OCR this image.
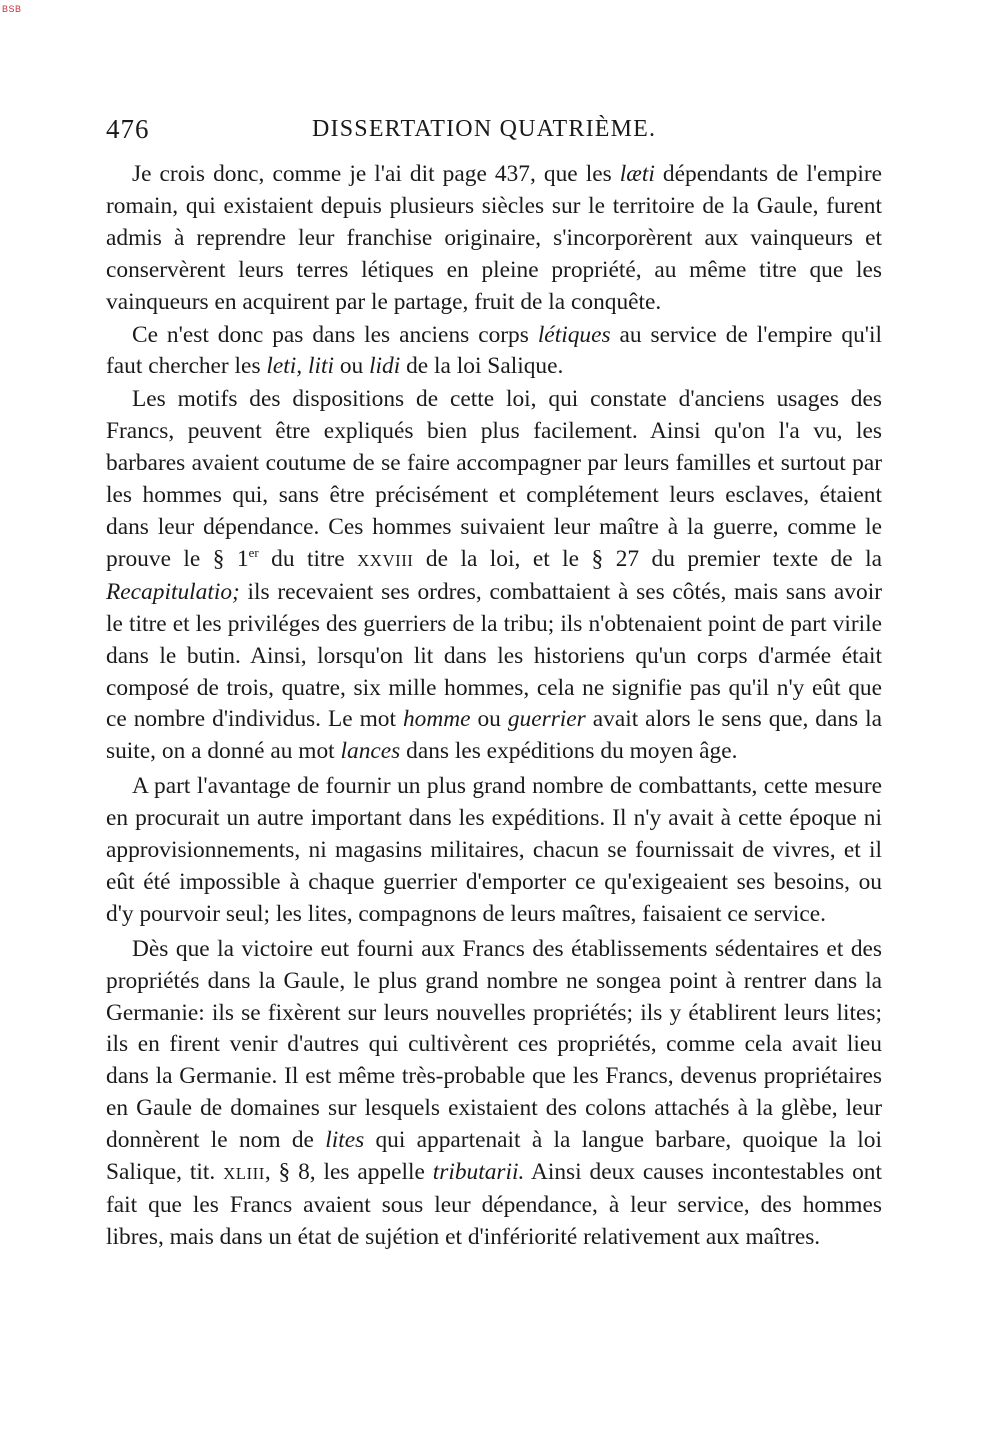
BSB
476	DISSERTATION QUATRIÈME.

Je crois donc, comme je l'ai dit page 437, que les læti dépendants de l'empire romain, qui existaient depuis plusieurs siècles sur le territoire de la Gaule, furent admis à reprendre leur franchise originaire, s'incorporèrent aux vainqueurs et conservèrent leurs terres létiques en pleine propriété, au même titre que les vainqueurs en acquirent par le partage, fruit de la conquête.

Ce n'est donc pas dans les anciens corps létiques au service de l'empire qu'il faut chercher les leti, liti ou lidi de la loi Salique.

Les motifs des dispositions de cette loi, qui constate d'anciens usages des Francs, peuvent être expliqués bien plus facilement. Ainsi qu'on l'a vu, les barbares avaient coutume de se faire accompagner par leurs familles et surtout par les hommes qui, sans être précisément et complétement leurs esclaves, étaient dans leur dépendance. Ces hommes suivaient leur maître à la guerre, comme le prouve le § 1er du titre XXVIII de la loi, et le § 27 du premier texte de la Recapitulatio; ils recevaient ses ordres, combattaient à ses côtés, mais sans avoir le titre et les priviléges des guerriers de la tribu; ils n'obtenaient point de part virile dans le butin. Ainsi, lorsqu'on lit dans les historiens qu'un corps d'armée était composé de trois, quatre, six mille hommes, cela ne signifie pas qu'il n'y eût que ce nombre d'individus. Le mot homme ou guerrier avait alors le sens que, dans la suite, on a donné au mot lances dans les expéditions du moyen âge.

A part l'avantage de fournir un plus grand nombre de combattants, cette mesure en procurait un autre important dans les expéditions. Il n'y avait à cette époque ni approvisionnements, ni magasins militaires, chacun se fournissait de vivres, et il eût été impossible à chaque guerrier d'emporter ce qu'exigeaient ses besoins, ou d'y pourvoir seul; les lites, compagnons de leurs maîtres, faisaient ce service.

Dès que la victoire eut fourni aux Francs des établissements sédentaires et des propriétés dans la Gaule, le plus grand nombre ne songea point à rentrer dans la Germanie: ils se fixèrent sur leurs nouvelles propriétés; ils y établirent leurs lites; ils en firent venir d'autres qui cultivèrent ces propriétés, comme cela avait lieu dans la Germanie. Il est même très-probable que les Francs, devenus propriétaires en Gaule de domaines sur lesquels existaient des colons attachés à la glèbe, leur donnèrent le nom de lites qui appartenait à la langue barbare, quoique la loi Salique, tit. XLIII, § 8, les appelle tributarii. Ainsi deux causes incontestables ont fait que les Francs avaient sous leur dépendance, à leur service, des hommes libres, mais dans un état de sujétion et d'infériorité relativement aux maîtres.
